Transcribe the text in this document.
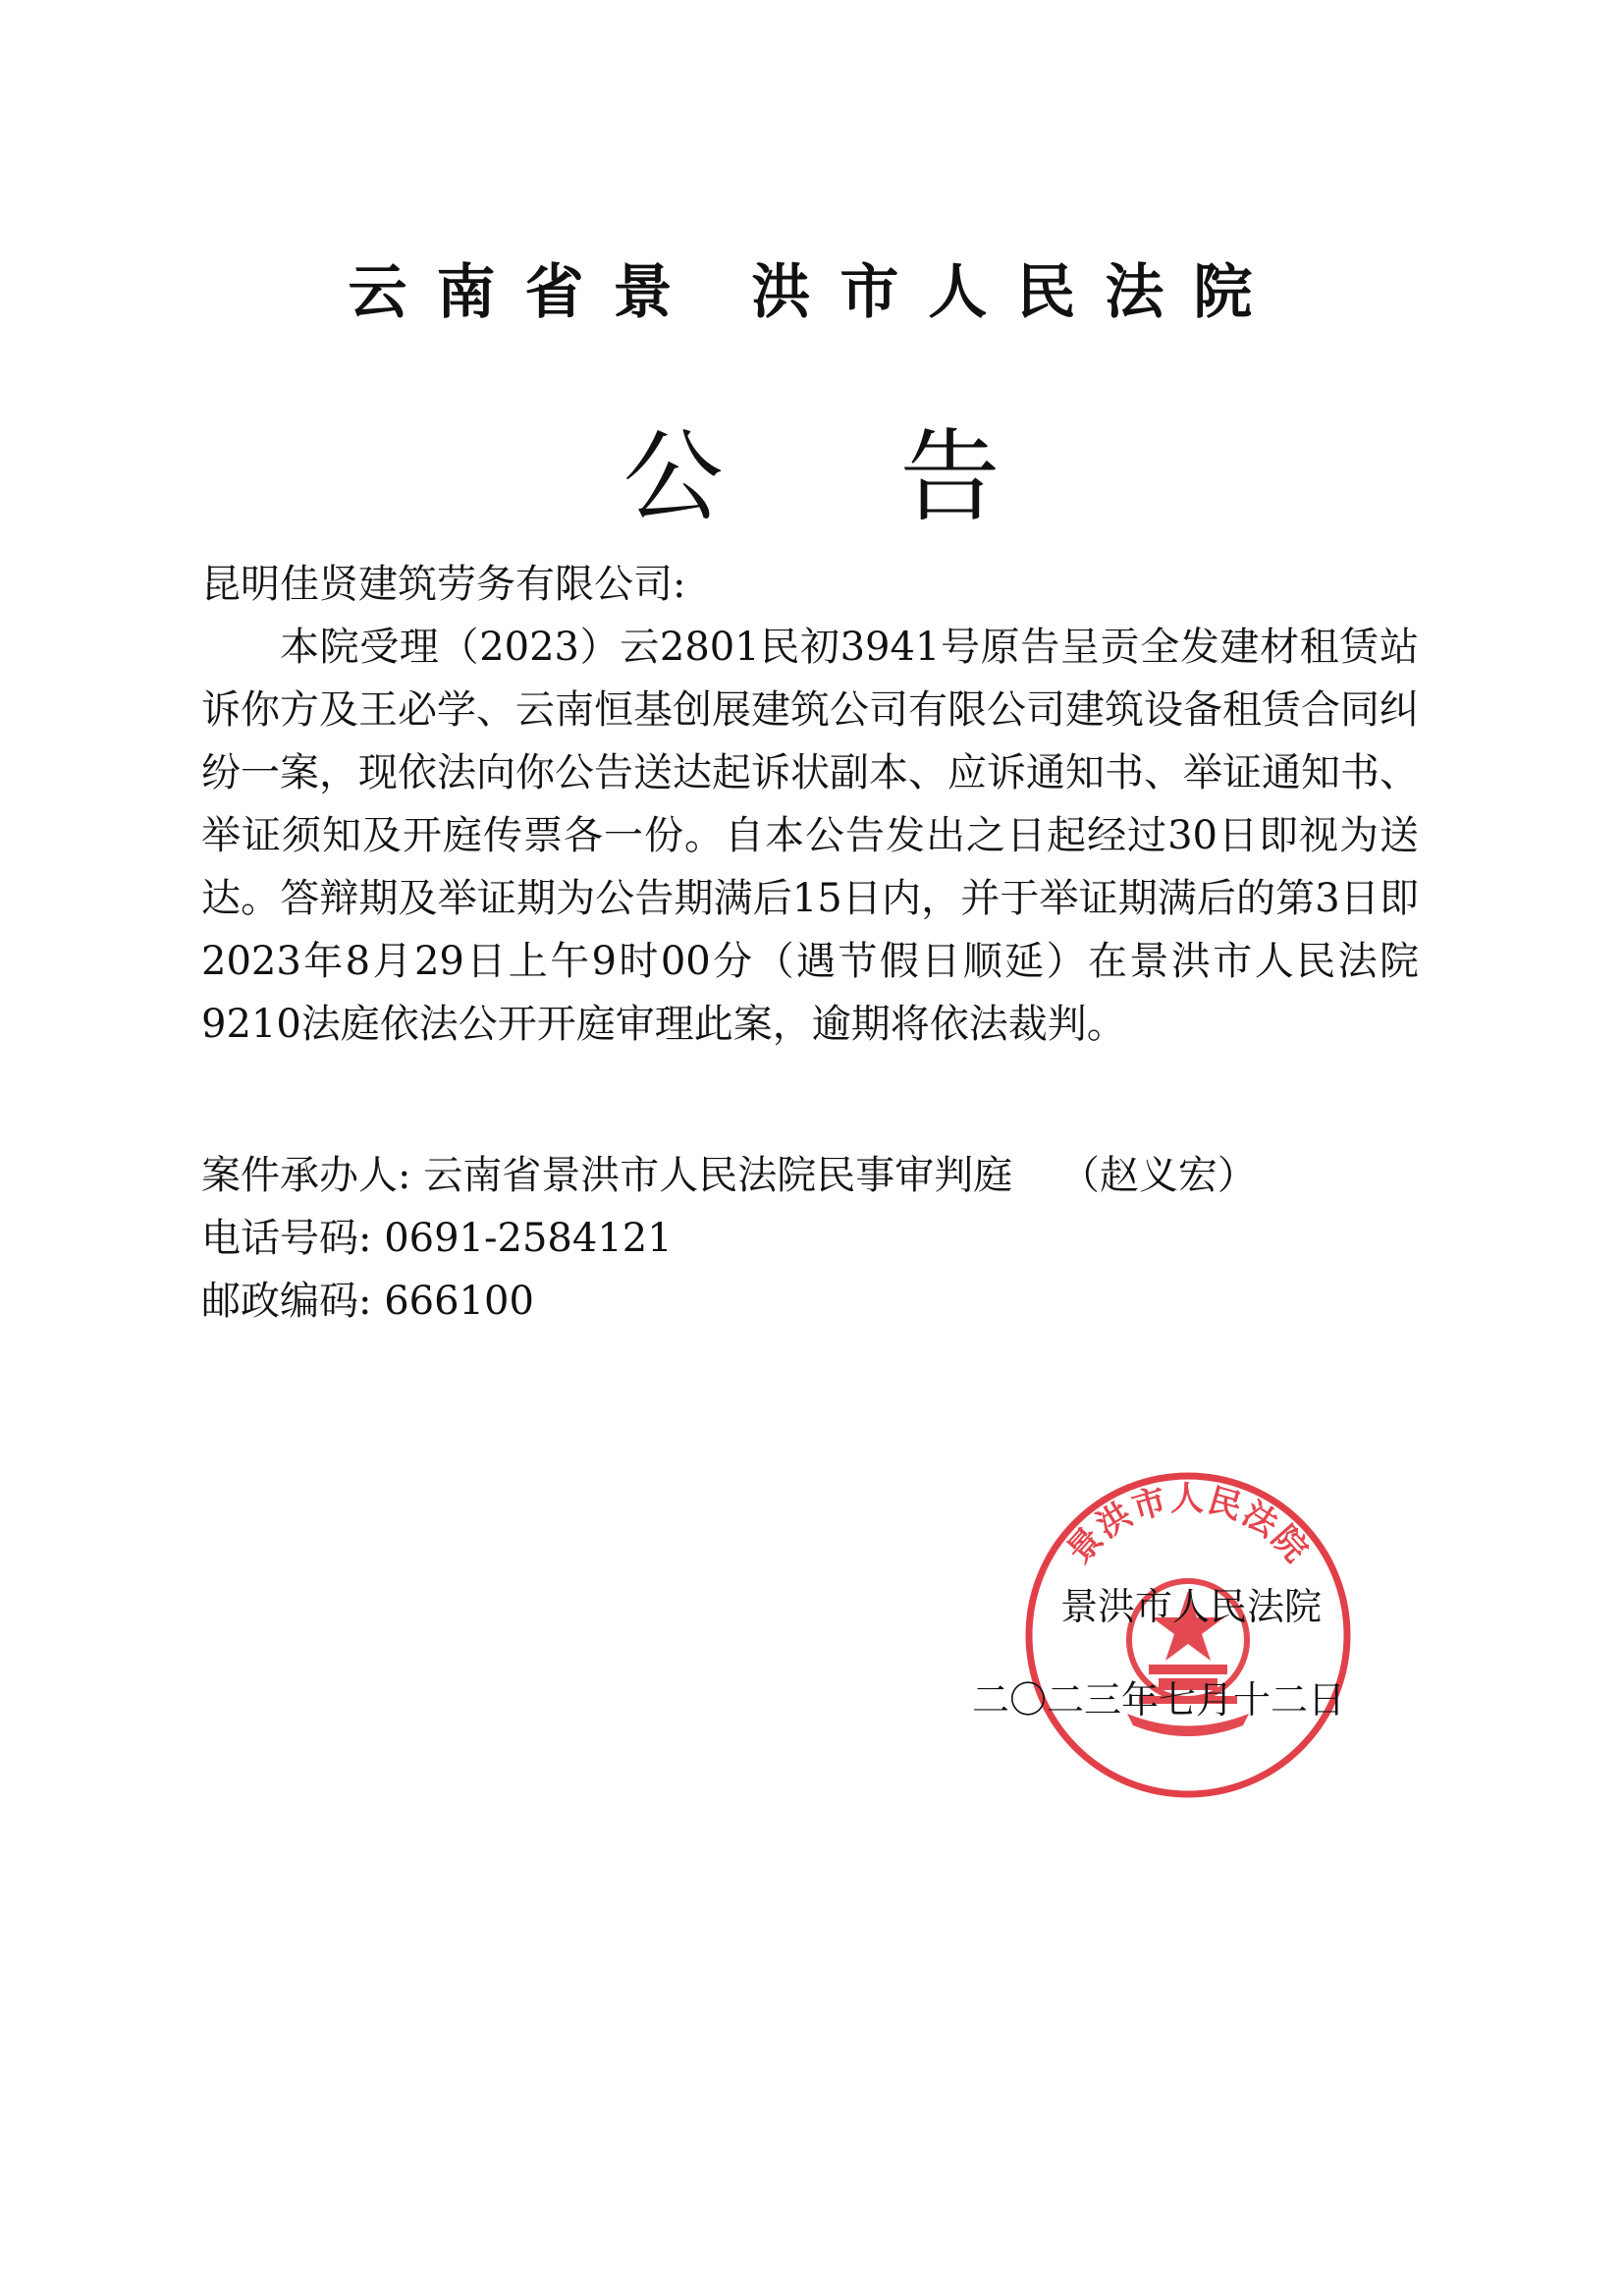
云南省景 洪市人民法院
公告
昆明佳贤建筑劳务有限公司:

本院受理（2023）云2801民初3941号原告呈贡全发建材租赁站诉你方及王必学、云南恒基创展建筑公司有限公司建筑设备租赁合同纠纷一案，现依法向你公告送达起诉状副本、应诉通知书、举证通知书、举证须知及开庭传票各一份。自本公告发出之日起经过30日即视为送达。答辩期及举证期为公告期满后15日内，并于举证期满后的第3日即2023年8月29日上午9时00分（遇节假日顺延）在景洪市人民法院9210法庭依法公开开庭审理此案，逾期将依法裁判。

案件承办人: 云南省景洪市人民法院民事审判庭 （赵义宏）
电话号码: 0691-2584121
邮政编码: 666100
景洪市人民法院
景洪市人民法院
二〇二三年七月十二日
